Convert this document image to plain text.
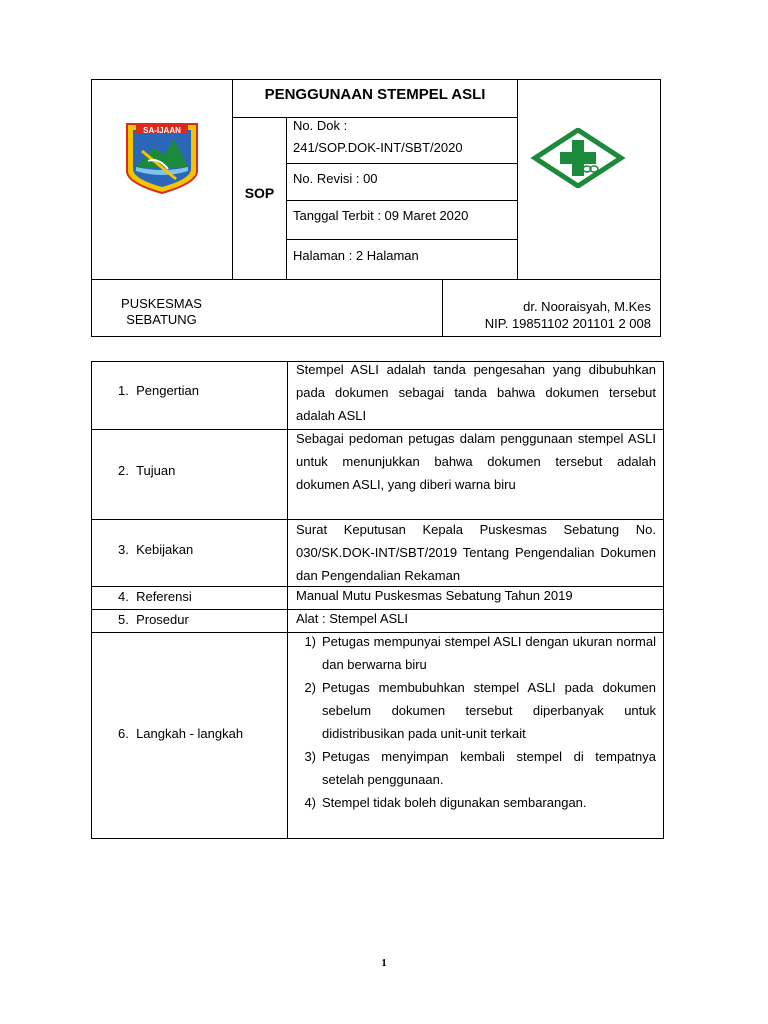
SA-IJAAN
PENGGUNAAN STEMPEL ASLI
SOP
No. Dok :
241/SOP.DOK-INT/SBT/2020
No. Revisi : 00
Tanggal Terbit : 09 Maret 2020
Halaman : 2 Halaman
PUSKESMAS
SEBATUNG
dr. Nooraisyah, M.Kes
NIP. 19851102 201101 2 008
1. Pengertian
Stempel ASLI adalah tanda pengesahan yang dibubuhkan pada dokumen sebagai tanda bahwa dokumen tersebut adalah ASLI
2. Tujuan
Sebagai pedoman petugas dalam penggunaan stempel ASLI untuk menunjukkan bahwa dokumen tersebut adalah dokumen ASLI, yang diberi warna biru
3. Kebijakan
Surat Keputusan Kepala Puskesmas Sebatung No. 030/SK.DOK-INT/SBT/2019 Tentang Pengendalian Dokumen dan Pengendalian Rekaman
4. Referensi	Manual Mutu Puskesmas Sebatung Tahun 2019
5. Prosedur	Alat : Stempel ASLI
6. Langkah - langkah
1) Petugas mempunyai stempel ASLI dengan ukuran normal dan berwarna biru
2) Petugas membubuhkan stempel ASLI pada dokumen sebelum dokumen tersebut diperbanyak untuk didistribusikan pada unit-unit terkait
3) Petugas menyimpan kembali stempel di tempatnya setelah penggunaan.
4) Stempel tidak boleh digunakan sembarangan.
1
